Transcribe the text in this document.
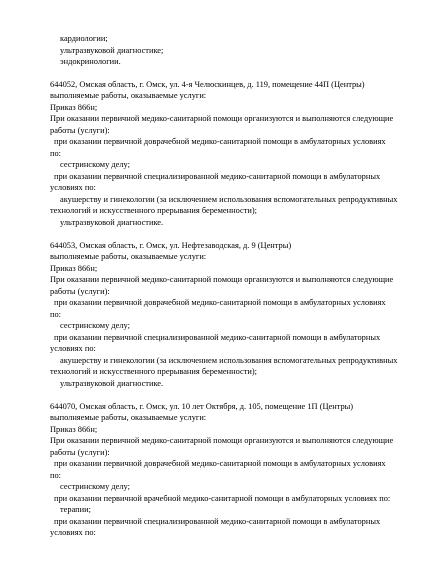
кардиологии;
ультразвуковой диагностике;
эндокринологии.
644052, Омская область, г. Омск, ул. 4-я Челюскинцев, д. 119, помещение 44П (Центры)
выполняемые работы, оказываемые услуги:
Приказ 866н;
При оказании первичной медико-санитарной помощи организуются и выполняются следующие
работы (услуги):
при оказании первичной доврачебной медико-санитарной помощи в амбулаторных условиях
по:
сестринскому делу;
при оказании первичной специализированной медико-санитарной помощи в амбулаторных
условиях по:
акушерству и гинекологии (за исключением использования вспомогательных репродуктивных
технологий и искусственного прерывания беременности);
ультразвуковой диагностике.
644053, Омская область, г. Омск, ул. Нефтезаводская, д. 9 (Центры)
выполняемые работы, оказываемые услуги:
Приказ 866н;
При оказании первичной медико-санитарной помощи организуются и выполняются следующие
работы (услуги):
при оказании первичной доврачебной медико-санитарной помощи в амбулаторных условиях
по:
сестринскому делу;
при оказании первичной специализированной медико-санитарной помощи в амбулаторных
условиях по:
акушерству и гинекологии (за исключением использования вспомогательных репродуктивных
технологий и искусственного прерывания беременности);
ультразвуковой диагностике.
644070, Омская область, г. Омск, ул. 10 лет Октября, д. 105, помещение 1П (Центры)
выполняемые работы, оказываемые услуги:
Приказ 866н;
При оказании первичной медико-санитарной помощи организуются и выполняются следующие
работы (услуги):
при оказании первичной доврачебной медико-санитарной помощи в амбулаторных условиях
по:
сестринскому делу;
при оказании первичной врачебной медико-санитарной помощи в амбулаторных условиях по:
терапии;
при оказании первичной специализированной медико-санитарной помощи в амбулаторных
условиях по:
